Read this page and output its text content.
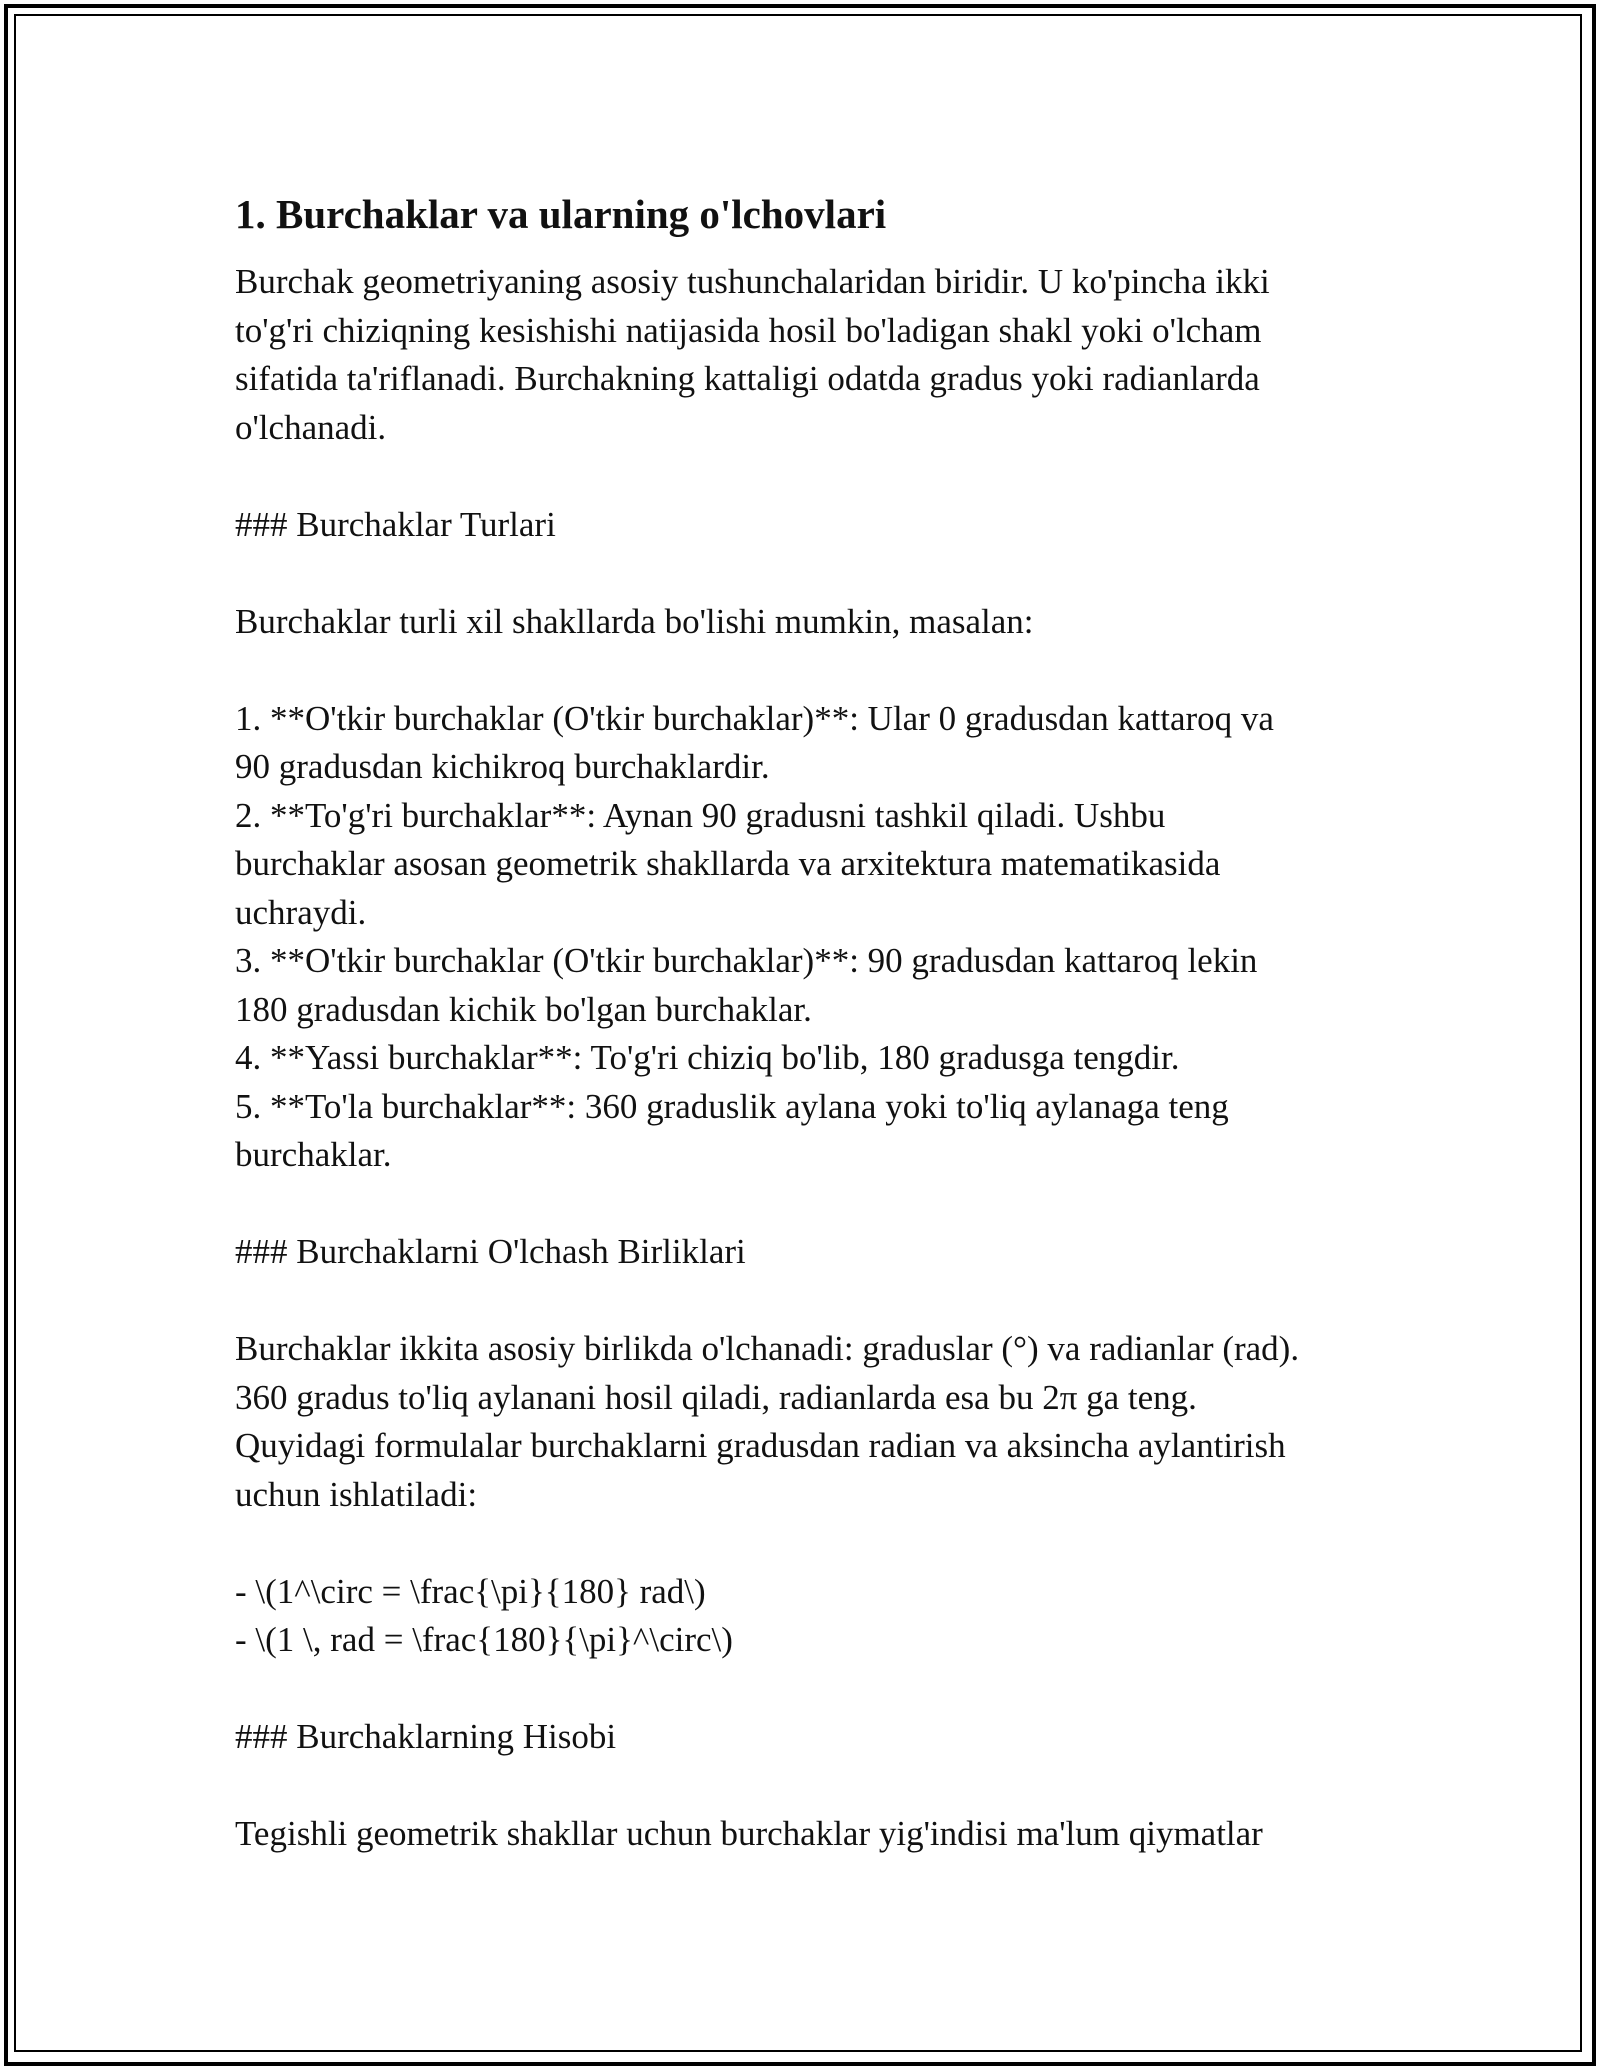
1. Burchaklar va ularning o'lchovlari
Burchak geometriyaning asosiy tushunchalaridan biridir. U ko'pincha ikki
to'g'ri chiziqning kesishishi natijasida hosil bo'ladigan shakl yoki o'lcham
sifatida ta'riflanadi. Burchakning kattaligi odatda gradus yoki radianlarda
o'lchanadi.
### Burchaklar Turlari
Burchaklar turli xil shakllarda bo'lishi mumkin, masalan:
1. **O'tkir burchaklar (O'tkir burchaklar)**: Ular 0 gradusdan kattaroq va
90 gradusdan kichikroq burchaklardir.
2. **To'g'ri burchaklar**: Aynan 90 gradusni tashkil qiladi. Ushbu
burchaklar asosan geometrik shakllarda va arxitektura matematikasida
uchraydi.
3. **O'tkir burchaklar (O'tkir burchaklar)**: 90 gradusdan kattaroq lekin
180 gradusdan kichik bo'lgan burchaklar.
4. **Yassi burchaklar**: To'g'ri chiziq bo'lib, 180 gradusga tengdir.
5. **To'la burchaklar**: 360 graduslik aylana yoki to'liq aylanaga teng
burchaklar.
### Burchaklarni O'lchash Birliklari
Burchaklar ikkita asosiy birlikda o'lchanadi: graduslar (°) va radianlar (rad).
360 gradus to'liq aylanani hosil qiladi, radianlarda esa bu 2π ga teng.
Quyidagi formulalar burchaklarni gradusdan radian va aksincha aylantirish
uchun ishlatiladi:
- \(1^\circ = \frac{\pi}{180} rad\)
- \(1 \, rad = \frac{180}{\pi}^\circ\)
### Burchaklarning Hisobi
Tegishli geometrik shakllar uchun burchaklar yig'indisi ma'lum qiymatlar
